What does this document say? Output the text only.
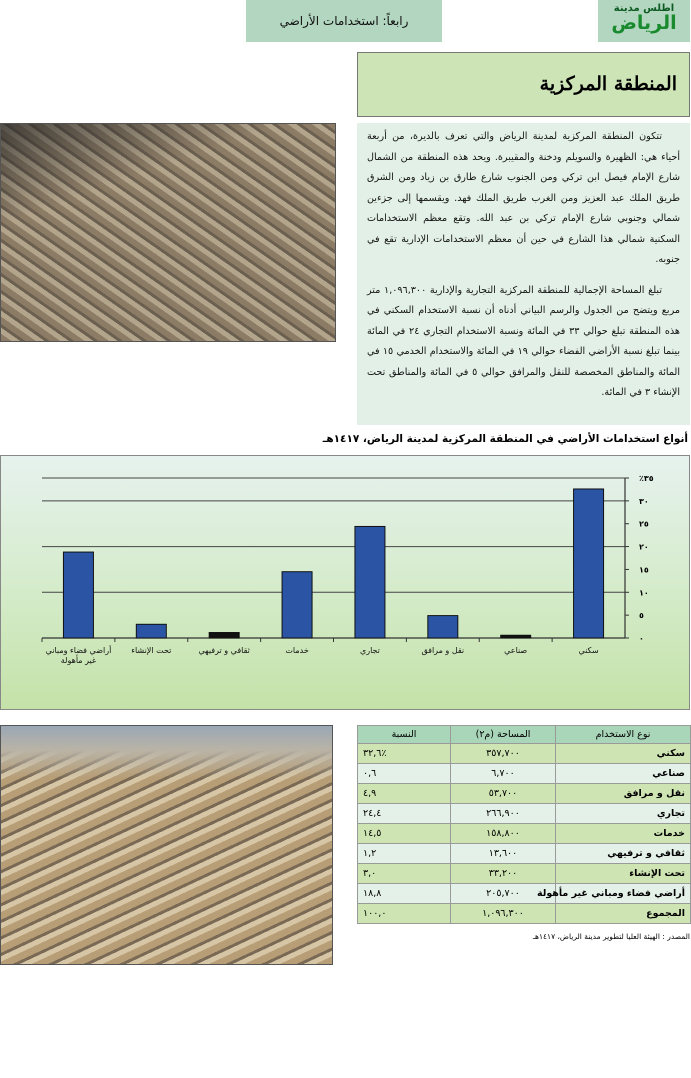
رابعاً: استخدامات الأراضي
اطلس مدينة
الرياض
المنطقة المركزية

تتكون المنطقة المركزية لمدينة الرياض والتي تعرف بالديرة، من أربعة أحياء هي: الظهيرة والسويلم ودخنة والمقيبرة. ويحد هذه المنطقة من الشمال شارع الإمام فيصل ابن تركي ومن الجنوب شارع طارق بن زياد ومن الشرق طريق الملك عبد العزيز ومن الغرب طريق الملك فهد. ويقسمها إلى جزءين شمالي وجنوبي شارع الإمام تركي بن عبد الله. وتقع معظم الاستخدامات السكنية شمالي هذا الشارع في حين أن معظم الاستخدامات الإدارية تقع في جنوبه.

تبلغ المساحة الإجمالية للمنطقة المركزية التجارية والإدارية ١,٠٩٦,٣٠٠ متر مربع ويتضح من الجدول والرسم البياني أدناه أن نسبة الاستخدام السكني في هذه المنطقة تبلغ حوالي ٣٣ في المائة ونسبة الاستخدام التجاري ٢٤ في المائة بينما تبلغ نسبة الأراضي الفضاء حوالي ١٩ في المائة والاستخدام الخدمي ١٥ في المائة والمناطق المخصصة للنقل والمرافق حوالي ٥ في المائة والمناطق تحت الإنشاء ٣ في المائة.

أنواع استخدامات الأراضي في المنطقة المركزية لمدينة الرياض، ١٤١٧هـ
٠
٥
١٠
١٥
٢٠
٢٥
٣٠
٪٣٥
أراضي فضاء ومباني غير مأهولة
تحت الإنشاء	ثقافي و ترفيهي	خدمات	تجاري	نقل و مرافق	صناعي	سكني
نوع الاستخدام	المساحة (م٢)	النسبة
سكني	٣٥٧,٧٠٠	٪٣٢,٦
صناعي	٦,٧٠٠	٠,٦
نقل و مرافق	٥٣,٧٠٠	٤,٩
تجاري	٢٦٦,٩٠٠	٢٤,٤
خدمات	١٥٨,٨٠٠	١٤,٥
ثقافي و ترفيهي	١٣,٦٠٠	١,٢
تحت الإنشاء	٣٣,٢٠٠	٣,٠
أراضي فضاء ومباني غير مأهولة	٢٠٥,٧٠٠	١٨,٨
المجموع	١,٠٩٦,٣٠٠	١٠٠,٠
المصدر : الهيئة العليا لتطوير مدينة الرياض، ١٤١٧هـ
